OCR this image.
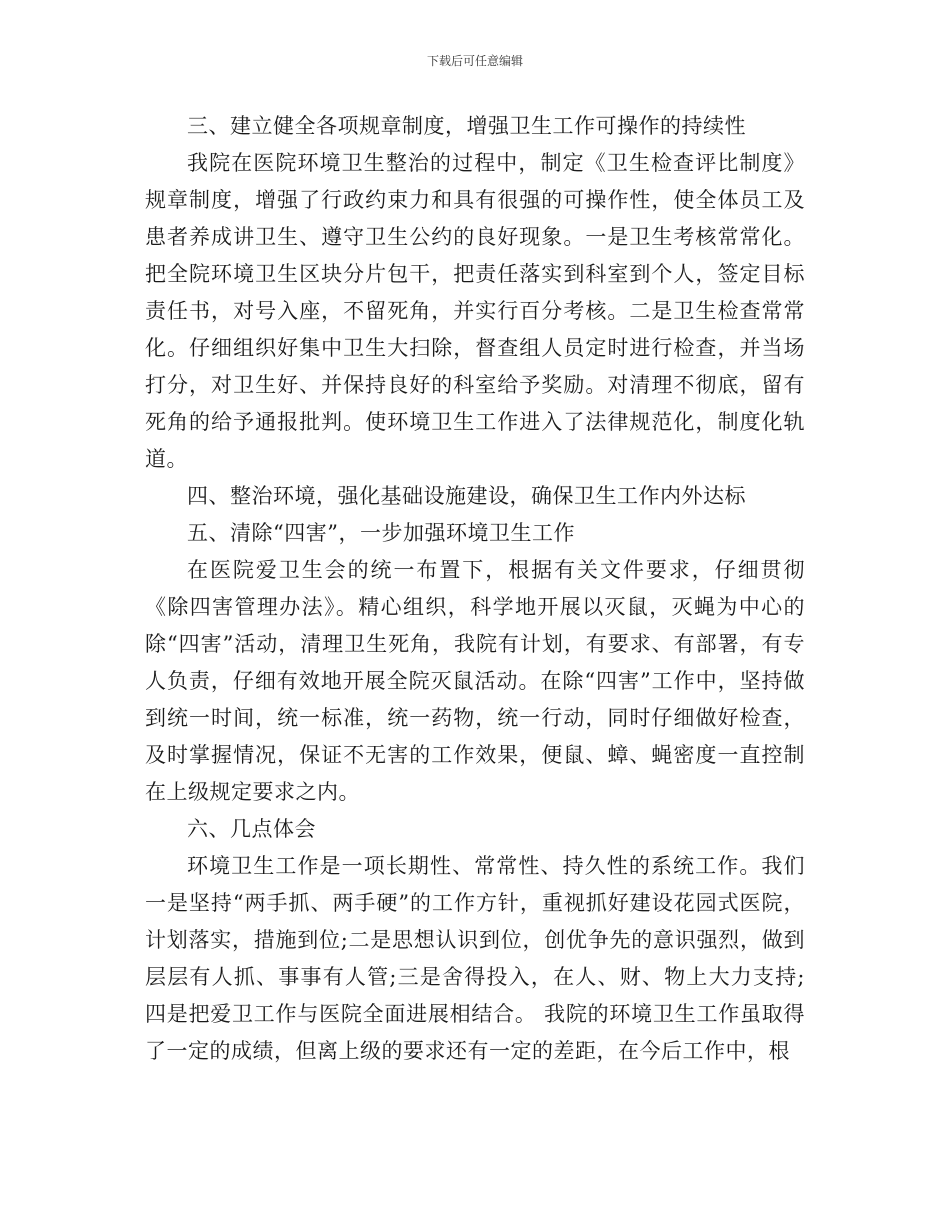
下载后可任意编辑

三、建立健全各项规章制度，增强卫生工作可操作的持续性

我院在医院环境卫生整治的过程中，制定《卫生检查评比制度》规章制度，增强了行政约束力和具有很强的可操作性，使全体员工及患者养成讲卫生、遵守卫生公约的良好现象。一是卫生考核常常化。把全院环境卫生区块分片包干，把责任落实到科室到个人，签定目标责任书，对号入座，不留死角，并实行百分考核。二是卫生检查常常化。仔细组织好集中卫生大扫除，督查组人员定时进行检查，并当场打分，对卫生好、并保持良好的科室给予奖励。对清理不彻底，留有死角的给予通报批判。使环境卫生工作进入了法律规范化，制度化轨道。

四、整治环境，强化基础设施建设，确保卫生工作内外达标

五、清除“四害”，一步加强环境卫生工作

在医院爱卫生会的统一布置下，根据有关文件要求，仔细贯彻《除四害管理办法》。精心组织，科学地开展以灭鼠，灭蝇为中心的除“四害”活动，清理卫生死角，我院有计划，有要求、有部署，有专人负责，仔细有效地开展全院灭鼠活动。在除“四害”工作中，坚持做到统一时间，统一标准，统一药物，统一行动，同时仔细做好检查，及时掌握情况，保证不无害的工作效果，便鼠、蟑、蝇密度一直控制在上级规定要求之内。

六、几点体会

环境卫生工作是一项长期性、常常性、持久性的系统工作。我们一是坚持“两手抓、两手硬”的工作方针，重视抓好建设花园式医院，计划落实，措施到位;二是思想认识到位，创优争先的意识强烈，做到层层有人抓、事事有人管;三是舍得投入，在人、财、物上大力支持;四是把爱卫工作与医院全面进展相结合。 我院的环境卫生工作虽取得了一定的成绩，但离上级的要求还有一定的差距，在今后工作中，根
